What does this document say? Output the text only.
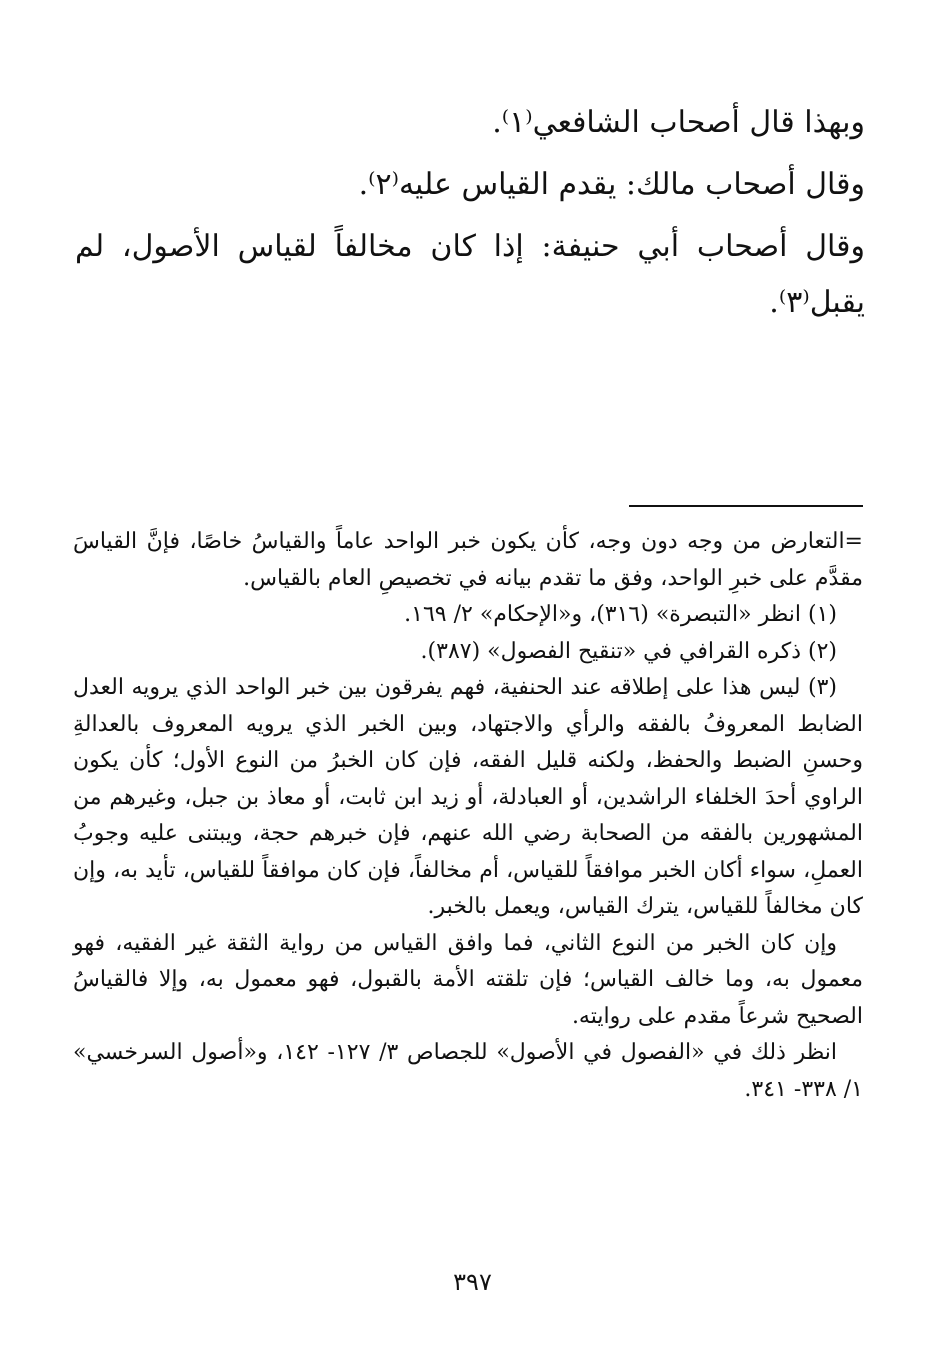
وبهذا قال أصحاب الشافعي⁽١⁾.

وقال أصحاب مالك: يقدم القياس عليه⁽٢⁾.

وقال أصحاب أبي حنيفة: إذا كان مخالفاً لقياس الأصول، لم يقبل⁽٣⁾.

=التعارض من وجه دون وجه، كأن يكون خبر الواحد عاماً والقياسُ خاصًا، فإنَّ القياسَ مقدَّم على خبرِ الواحد، وفق ما تقدم بيانه في تخصيصِ العام بالقياس.

(١) انظر «التبصرة» (٣١٦)، و«الإحكام» ٢/ ١٦٩.

(٢) ذكره القرافي في «تنقيح الفصول» (٣٨٧).

(٣) ليس هذا على إطلاقه عند الحنفية، فهم يفرقون بين خبر الواحد الذي يرويه العدل الضابط المعروفُ بالفقه والرأي والاجتهاد، وبين الخبر الذي يرويه المعروف بالعدالةِ وحسنِ الضبط والحفظ، ولكنه قليل الفقه، فإن كان الخبرُ من النوع الأول؛ كأن يكون الراوي أحدَ الخلفاء الراشدين، أو العبادلة، أو زيد ابن ثابت، أو معاذ بن جبل، وغيرهم من المشهورين بالفقه من الصحابة رضي الله عنهم، فإن خبرهم حجة، ويبتنى عليه وجوبُ العملِ، سواء أكان الخبر موافقاً للقياس، أم مخالفاً، فإن كان موافقاً للقياس، تأيد به، وإن كان مخالفاً للقياس، يترك القياس، ويعمل بالخبر.

وإن كان الخبر من النوع الثاني، فما وافق القياس من رواية الثقة غير الفقيه، فهو معمول به، وما خالف القياس؛ فإن تلقته الأمة بالقبول، فهو معمول به، وإلا فالقياسُ الصحيح شرعاً مقدم على روايته.

انظر ذلك في «الفصول في الأصول» للجصاص ٣/ ١٢٧- ١٤٢، و«أصول السرخسي» ١/ ٣٣٨- ٣٤١.

٣٩٧
